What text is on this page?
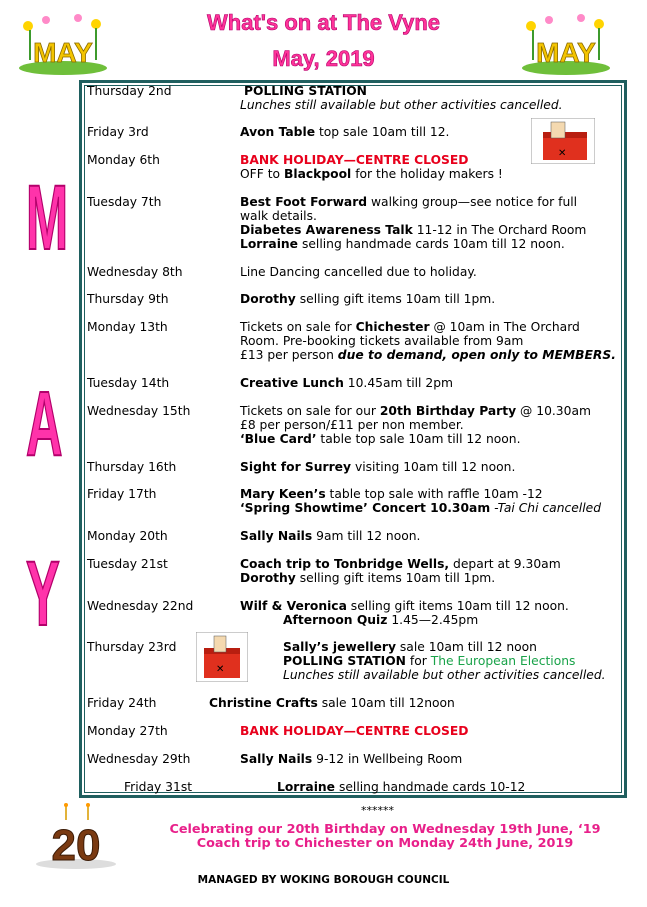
What's on at The Vyne
May, 2019
MAY	MAY
M
A
Y
Thursday 2nd	POLLING STATION
Lunches still available but other activities cancelled.
Friday 3rd	Avon Table top sale 10am till 12.
✕
Monday 6th	BANK HOLIDAY—CENTRE CLOSED
OFF to Blackpool for the holiday makers !
Tuesday 7th	Best Foot Forward walking group—see notice for full
walk details.
Diabetes Awareness Talk 11-12 in The Orchard Room
Lorraine selling handmade cards 10am till 12 noon.
Wednesday 8th	Line Dancing cancelled due to holiday.
Thursday 9th	Dorothy selling gift items 10am till 1pm.
Monday 13th	Tickets on sale for Chichester @ 10am in The Orchard
Room. Pre-booking tickets available from 9am
£13 per person due to demand, open only to MEMBERS.
Tuesday 14th	Creative Lunch 10.45am till 2pm
Wednesday 15th	Tickets on sale for our 20th Birthday Party @ 10.30am
£8 per person/£11 per non member.
‘Blue Card’ table top sale 10am till 12 noon.
Thursday 16th	Sight for Surrey visiting 10am till 12 noon.
Friday 17th	Mary Keen’s table top sale with raffle 10am -12
‘Spring Showtime’ Concert 10.30am -Tai Chi cancelled
Monday 20th	Sally Nails 9am till 12 noon.
Tuesday 21st	Coach trip to Tonbridge Wells, depart at 9.30am
Dorothy selling gift items 10am till 1pm.
Wednesday 22nd	Wilf & Veronica selling gift items 10am till 12 noon.
Afternoon Quiz 1.45—2.45pm
Thursday 23rd
✕
Sally’s jewellery sale 10am till 12 noon
POLLING STATION for The European Elections
Lunches still available but other activities cancelled.
Friday 24th	Christine Crafts sale 10am till 12noon
Monday 27th	BANK HOLIDAY—CENTRE CLOSED
Wednesday 29th	Sally Nails 9-12 in Wellbeing Room
Friday 31st	Lorraine selling handmade cards 10-12
20
******
Celebrating our 20th Birthday on Wednesday 19th June, ‘19
Coach trip to Chichester on Monday 24th June, 2019
MANAGED BY WOKING BOROUGH COUNCIL
